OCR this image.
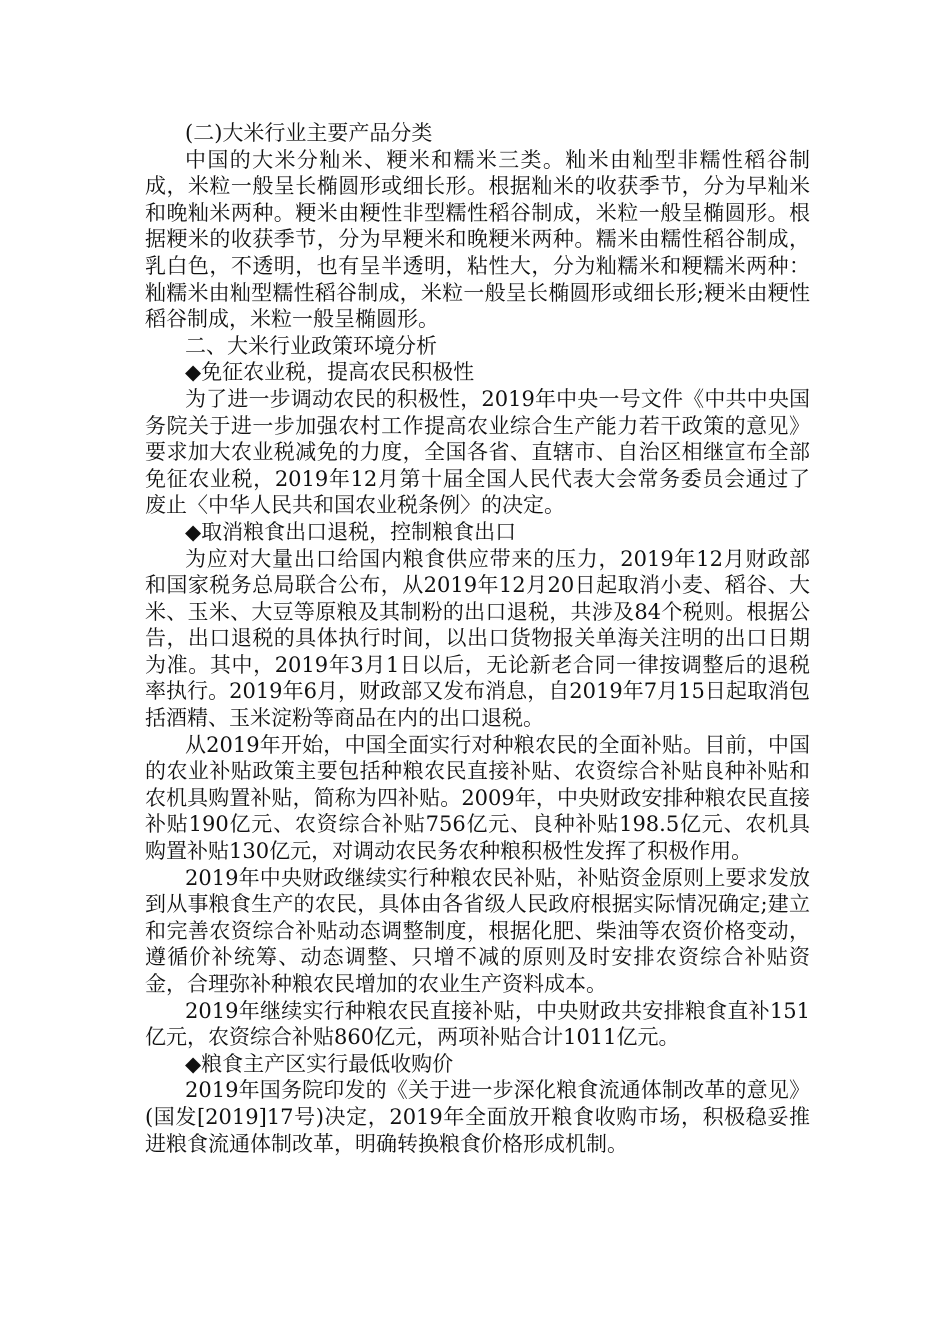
(二)大米行业主要产品分类

中国的大米分籼米、粳米和糯米三类。籼米由籼型非糯性稻谷制成，米粒一般呈长椭圆形或细长形。根据籼米的收获季节，分为早籼米和晚籼米两种。粳米由粳性非型糯性稻谷制成，米粒一般呈椭圆形。根据粳米的收获季节，分为早粳米和晚粳米两种。糯米由糯性稻谷制成，乳白色，不透明，也有呈半透明，粘性大，分为籼糯米和粳糯米两种：籼糯米由籼型糯性稻谷制成，米粒一般呈长椭圆形或细长形;粳米由粳性稻谷制成，米粒一般呈椭圆形。

二、大米行业政策环境分析

◆免征农业税，提高农民积极性

为了进一步调动农民的积极性，2019年中央一号文件《中共中央国务院关于进一步加强农村工作提高农业综合生产能力若干政策的意见》要求加大农业税减免的力度，全国各省、直辖市、自治区相继宣布全部免征农业税，2019年12月第十届全国人民代表大会常务委员会通过了废止〈中华人民共和国农业税条例〉的决定。

◆取消粮食出口退税，控制粮食出口

为应对大量出口给国内粮食供应带来的压力，2019年12月财政部和国家税务总局联合公布，从2019年12月20日起取消小麦、稻谷、大米、玉米、大豆等原粮及其制粉的出口退税，共涉及84个税则。根据公告，出口退税的具体执行时间，以出口货物报关单海关注明的出口日期为准。其中，2019年3月1日以后，无论新老合同一律按调整后的退税率执行。2019年6月，财政部又发布消息，自2019年7月15日起取消包括酒精、玉米淀粉等商品在内的出口退税。

从2019年开始，中国全面实行对种粮农民的全面补贴。目前，中国的农业补贴政策主要包括种粮农民直接补贴、农资综合补贴良种补贴和农机具购置补贴，简称为四补贴。2009年，中央财政安排种粮农民直接补贴190亿元、农资综合补贴756亿元、良种补贴198.5亿元、农机具购置补贴130亿元，对调动农民务农种粮积极性发挥了积极作用。

2019年中央财政继续实行种粮农民补贴，补贴资金原则上要求发放到从事粮食生产的农民，具体由各省级人民政府根据实际情况确定;建立和完善农资综合补贴动态调整制度，根据化肥、柴油等农资价格变动，遵循价补统筹、动态调整、只增不减的原则及时安排农资综合补贴资金，合理弥补种粮农民增加的农业生产资料成本。

2019年继续实行种粮农民直接补贴，中央财政共安排粮食直补151亿元，农资综合补贴860亿元，两项补贴合计1011亿元。

◆粮食主产区实行最低收购价

2019年国务院印发的《关于进一步深化粮食流通体制改革的意见》(国发[2019]17号)决定，2019年全面放开粮食收购市场，积极稳妥推进粮食流通体制改革，明确转换粮食价格形成机制。
